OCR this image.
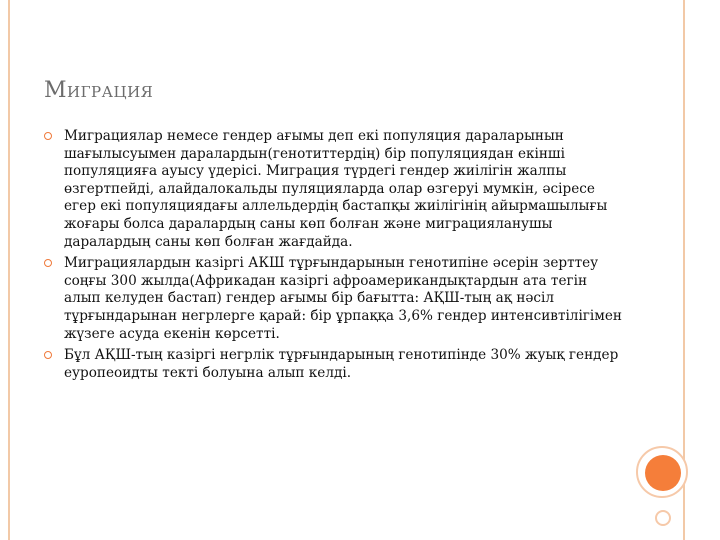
Миграция
Миграциялар немесе гендер ағымы деп екі популяция дараларынын шағылысуымен даралардын(генотиттердің) бір популяциядан екінші популяцияға ауысу үдерісі. Миграция түрдегі гендер жиілігін жалпы өзгертпейді, алайдалокальды пуляцияларда олар өзгеруі мумкін, әсіресе егер екі популяциядағы аллельдердің бастапқы жиілігінің айырмашылығы жоғары болса даралардың саны көп болған және миграцияланушы даралардың саны көп болған жағдайда.
Миграциялардын казіргі АКШ тұрғындарынын генотипіне әсерін зерттеу соңғы 300 жылда(Африкадан казіргі афроамерикандықтардын ата тегін алып келуден бастап) гендер ағымы бір бағытта: АҚШ-тың ақ нәсіл тұрғындарынан негрлерге қарай: бір ұрпаққа 3,6% гендер интенсивтілігімен жүзеге асуда екенін көрсетті.
Бұл АҚШ-тың казіргі негрлік тұрғындарының генотипінде 30% жуық гендер еуропеоидты текті болуына алып келді.
